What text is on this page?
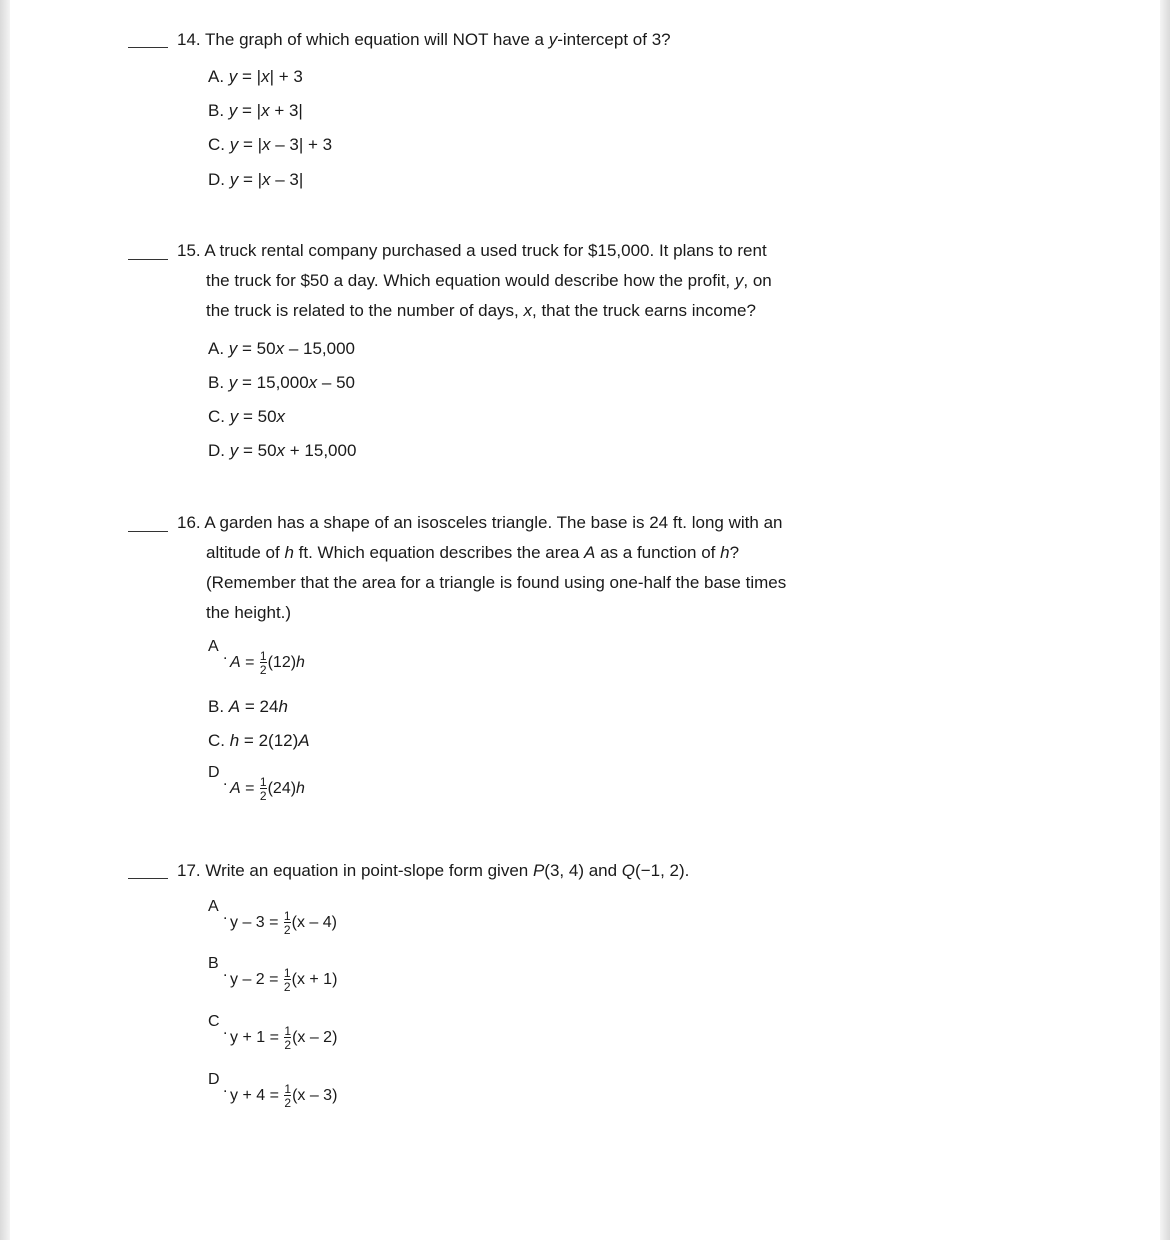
14. The graph of which equation will NOT have a y-intercept of 3?
A. y = |x| + 3
B. y = |x + 3|
C. y = |x – 3| + 3
D. y = |x – 3|
15. A truck rental company purchased a used truck for $15,000. It plans to rent
the truck for $50 a day. Which equation would describe how the profit, y, on
the truck is related to the number of days, x, that the truck earns income?
A. y = 50x – 15,000
B. y = 15,000x – 50
C. y = 50x
D. y = 50x + 15,000
16. A garden has a shape of an isosceles triangle. The base is 24 ft. long with an
altitude of h ft. Which equation describes the area A as a function of h?
(Remember that the area for a triangle is found using one-half the base times
the height.)
A . $A = \frac{1}{2} (12)h$
B. A = 24h
C. h = 2(12)A
D . $A = \frac{1}{2} (24)h$
17. Write an equation in point-slope form given P(3, 4) and Q(−1, 2).
A . $y - 3 = \frac{1}{2} (x - 4)$
B . $y - 2 = \frac{1}{2} (x + 1)$
C . $y + 1 = \frac{1}{2} (x - 2)$
D . $y + 4 = \frac{1}{2} (x - 3)$
